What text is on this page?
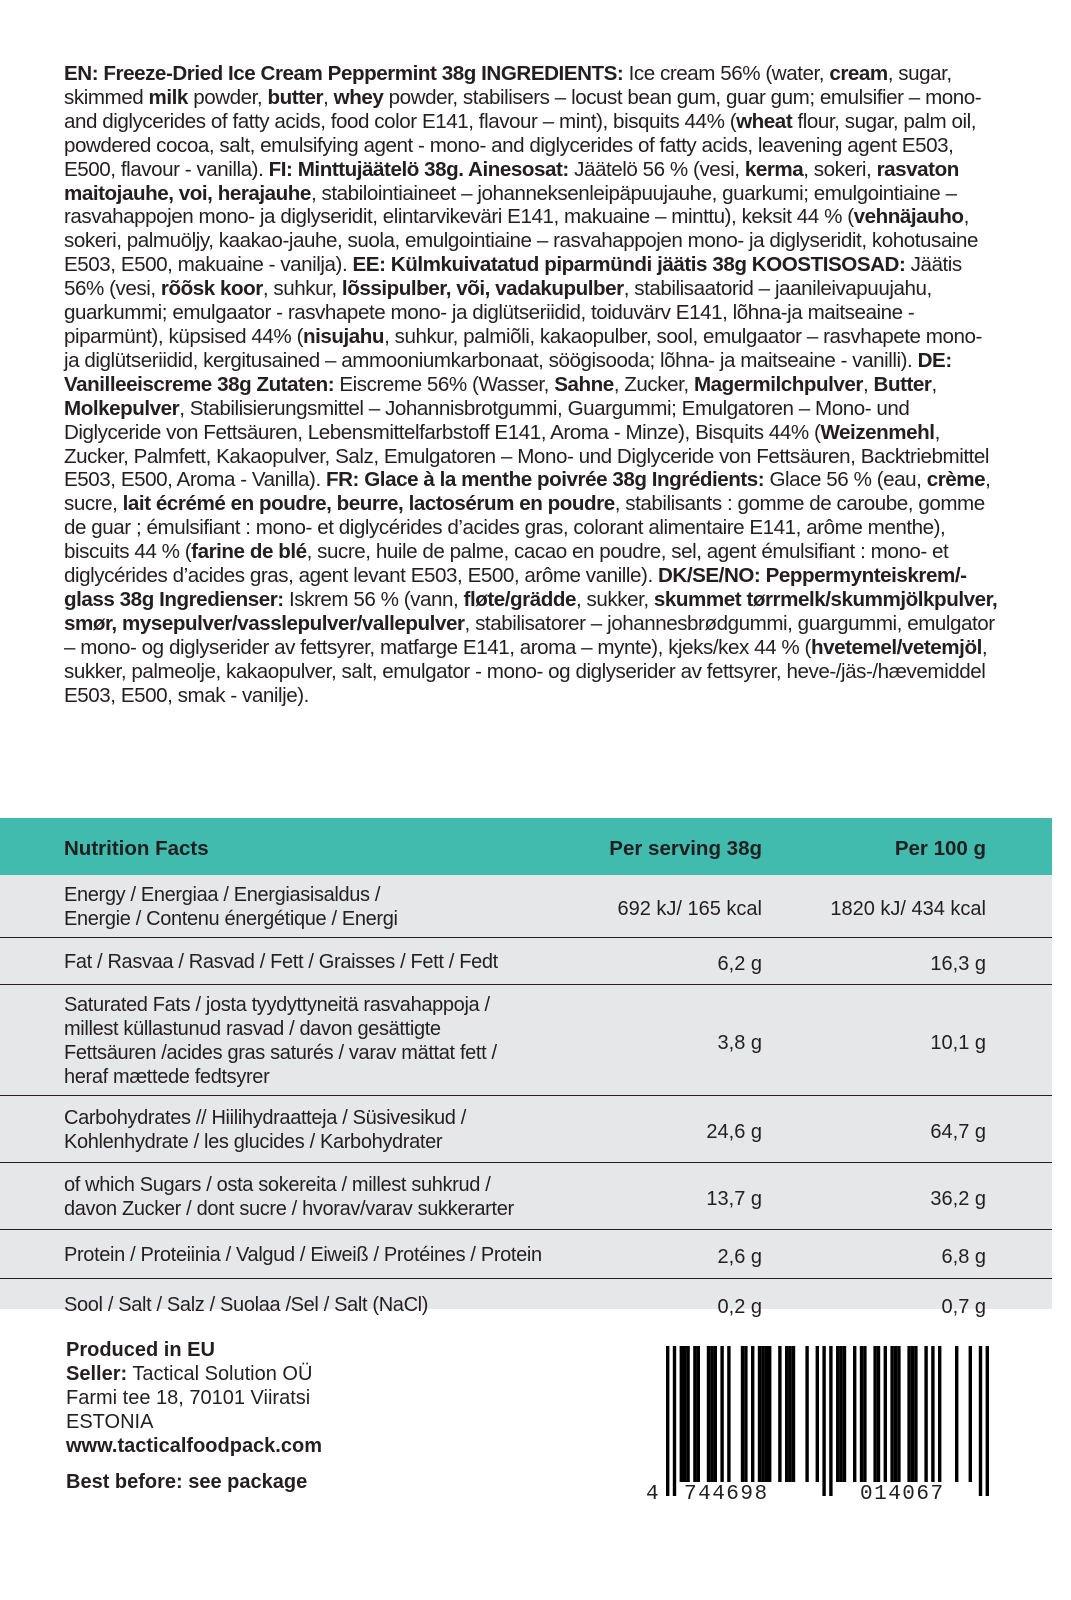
EN: Freeze-Dried Ice Cream Peppermint 38g INGREDIENTS: Ice cream 56% (water, cream, sugar, skimmed milk powder, butter, whey powder, stabilisers – locust bean gum, guar gum; emulsifier – mono- and diglycerides of fatty acids, food color E141, flavour – mint), bisquits 44% (wheat flour, sugar, palm oil, powdered cocoa, salt, emulsifying agent - mono- and diglycerides of fatty acids, leavening agent E503, E500, flavour - vanilla). FI: Minttujäätelö 38g. Ainesosat: Jäätelö 56 % (vesi, kerma, sokeri, rasvaton maitojauhe, voi, herajauhe, stabilointiaineet – johanneksenleipäpuujauhe, guarkumi; emulgointiaine – rasvahappojen mono- ja diglyseridit, elintarvikeväri E141, makuaine – minttu), keksit 44 % (vehnäjauho, sokeri, palmuöljy, kaakao-jauhe, suola, emulgointiaine – rasvahappojen mono- ja diglyseridit, kohotusaine E503, E500, makuaine - vanilja). EE: Külmkuivatatud piparmündi jäätis 38g KOOSTISOSAD: Jäätis 56% (vesi, rõõsk koor, suhkur, lõssipulber, või, vadakupulber, stabilisaatorid – jaanileivapuujahu, guarkummi; emulgaator - rasvhapete mono- ja diglütseriidid, toiduvärv E141, lõhna-ja maitseaine - piparmünt), küpsised 44% (nisujahu, suhkur, palmiõli, kakaopulber, sool, emulgaator – rasvhapete mono- ja diglütseriidid, kergitusained – ammooniumkarbonaat, söögisooda; lõhna- ja maitseaine - vanilli). DE: Vanilleeiscreme 38g Zutaten: Eiscreme 56% (Wasser, Sahne, Zucker, Magermilchpulver, Butter, Molkepulver, Stabilisierungsmittel – Johannisbrotgummi, Guargummi; Emulgatoren – Mono- und Diglyceride von Fettsäuren, Lebensmittelfarbstoff E141, Aroma - Minze), Bisquits 44% (Weizenmehl, Zucker, Palmfett, Kakaopulver, Salz, Emulgatoren – Mono- und Diglyceride von Fettsäuren, Backtriebmittel E503, E500, Aroma - Vanilla). FR: Glace à la menthe poivrée 38g Ingrédients: Glace 56 % (eau, crème, sucre, lait écrémé en poudre, beurre, lactosérum en poudre, stabilisants : gomme de caroube, gomme de guar ; émulsifiant : mono- et diglycérides d’acides gras, colorant alimentaire E141, arôme menthe), biscuits 44 % (farine de blé, sucre, huile de palme, cacao en poudre, sel, agent émulsifiant : mono- et diglycérides d’acides gras, agent levant E503, E500, arôme vanille). DK/SE/NO: Peppermynteiskrem/-glass 38g Ingredienser: Iskrem 56 % (vann, fløte/grädde, sukker, skummet tørrmelk/skummjölkpulver, smør, mysepulver/vasslepulver/vallepulver, stabilisatorer – johannesbrødgummi, guargummi, emulgator – mono- og diglyserider av fettsyrer, matfarge E141, aroma – mynte), kjeks/kex 44 % (hvetemel/vetemjöl, sukker, palmeolje, kakaopulver, salt, emulgator - mono- og diglyserider av fettsyrer, heve-/jäs-/hævemiddel E503, E500, smak - vanilje).
Nutrition Facts	Per serving 38g	Per 100 g
Energy / Energiaa / Energiasisaldus /
Energie / Contenu énergétique / Energi	692 kJ/ 165 kcal	1820 kJ/ 434 kcal
Fat / Rasvaa / Rasvad / Fett / Graisses / Fett / Fedt	6,2 g	16,3 g
Saturated Fats / josta tyydyttyneitä rasvahappoja /
millest küllastunud rasvad / davon gesättigte
Fettsäuren /acides gras saturés / varav mättat fett /
heraf mættede fedtsyrer
3,8 g	10,1 g
Carbohydrates // Hiilihydraatteja / Süsivesikud /
Kohlenhydrate / les glucides / Karbohydrater	24,6 g	64,7 g
of which Sugars / osta sokereita / millest suhkrud /
davon Zucker / dont sucre / hvorav/varav sukkerarter	13,7 g	36,2 g
Protein / Proteiinia / Valgud / Eiweiß / Protéines / Protein	2,6 g	6,8 g
Sool / Salt / Salz / Suolaa /Sel / Salt (NaCl)	0,2 g	0,7 g
Produced in EU
Seller: Tactical Solution OÜ
Farmi tee 18, 70101 Viiratsi
ESTONIA
www.tacticalfoodpack.com
Best before: see package
4 744698	014067
